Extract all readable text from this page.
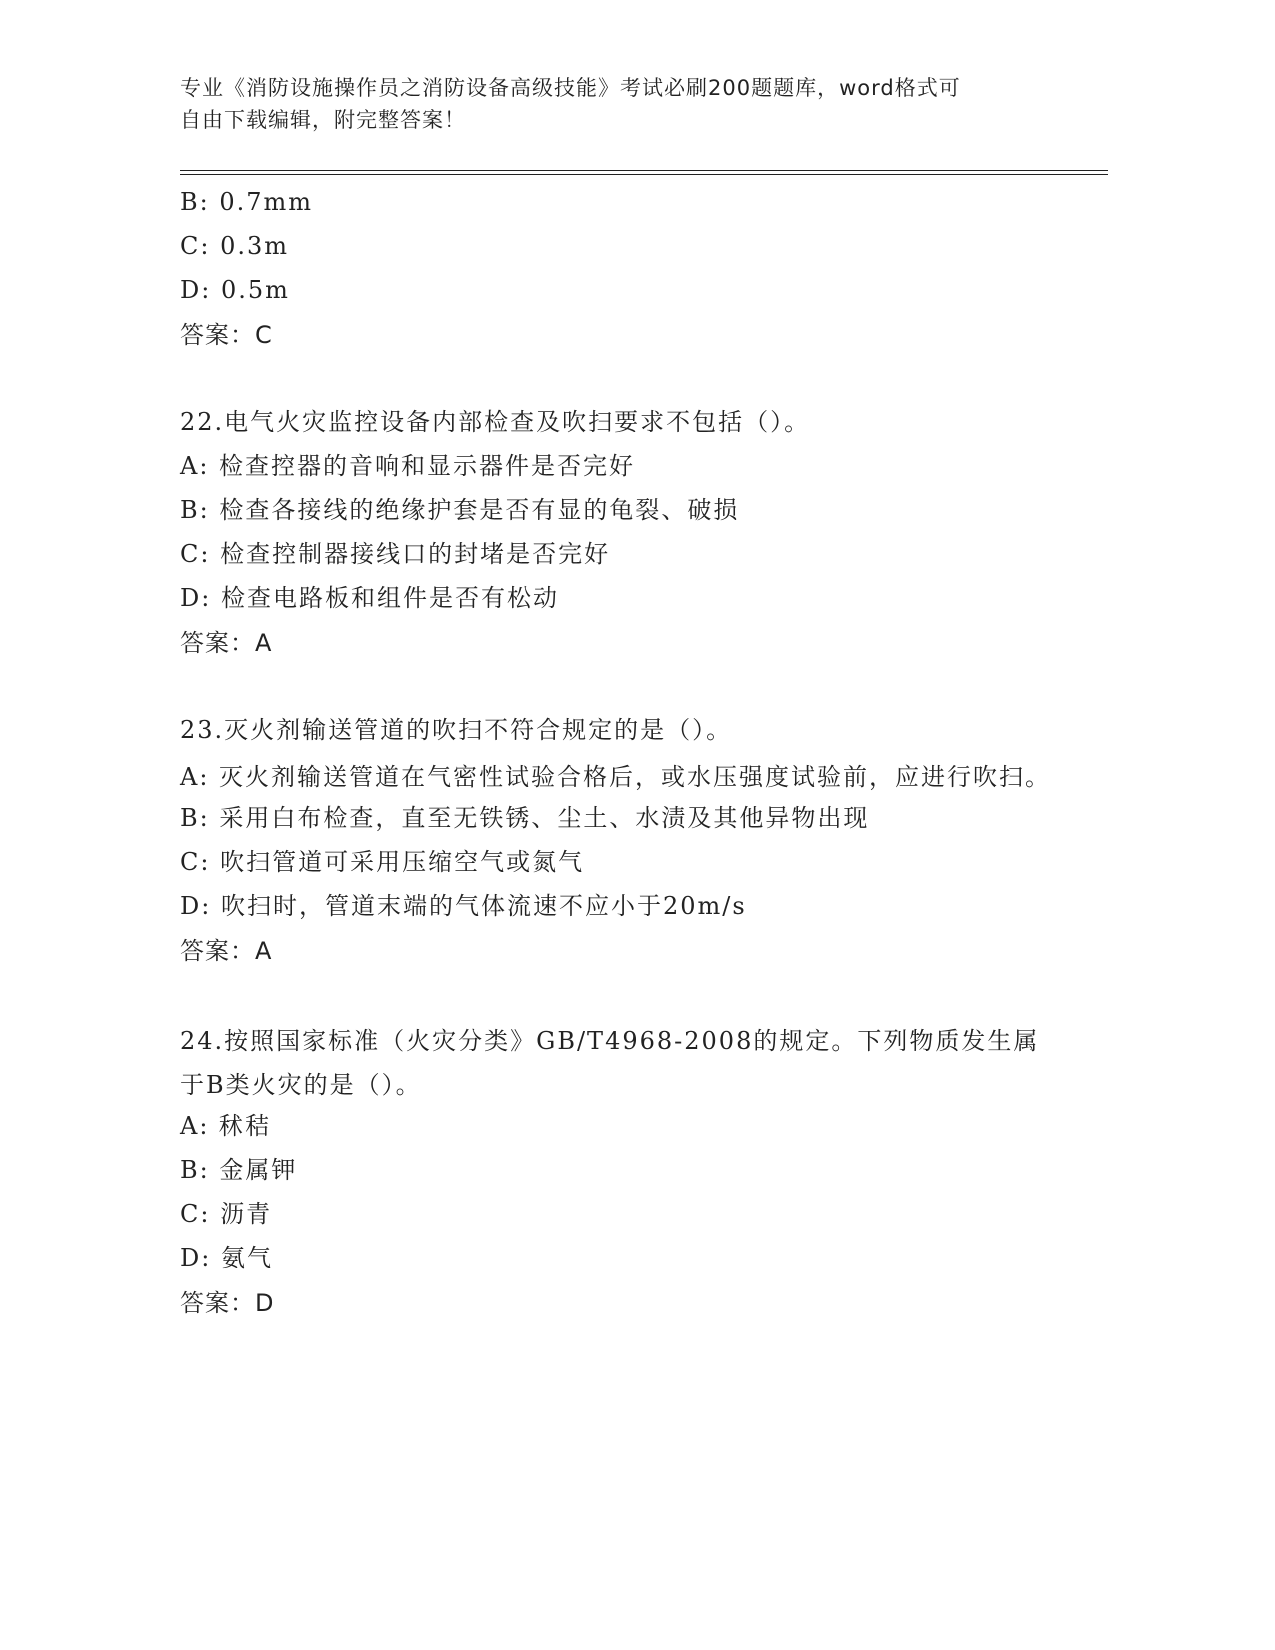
专业《消防设施操作员之消防设备高级技能》考试必刷200题题库，word格式可
自由下载编辑，附完整答案！
B: 0.7mm
C: 0.3m
D: 0.5m
答案：C
22.电气火灾监控设备内部检查及吹扫要求不包括（）。
A: 检查控器的音响和显示器件是否完好
B: 检查各接线的绝缘护套是否有显的龟裂、破损
C: 检查控制器接线口的封堵是否完好
D: 检查电路板和组件是否有松动
答案：A
23.灭火剂输送管道的吹扫不符合规定的是（）。
A: 灭火剂输送管道在气密性试验合格后，或水压强度试验前，应进行吹扫。
B: 采用白布检查，直至无铁锈、尘土、水渍及其他异物出现
C: 吹扫管道可采用压缩空气或氮气
D: 吹扫时，管道末端的气体流速不应小于20m/s
答案：A
24.按照国家标准（火灾分类》GB/T4968-2008的规定。下列物质发生属于B类火灾的是（）。
A: 秫秸
B: 金属钾
C: 沥青
D: 氨气
答案：D
